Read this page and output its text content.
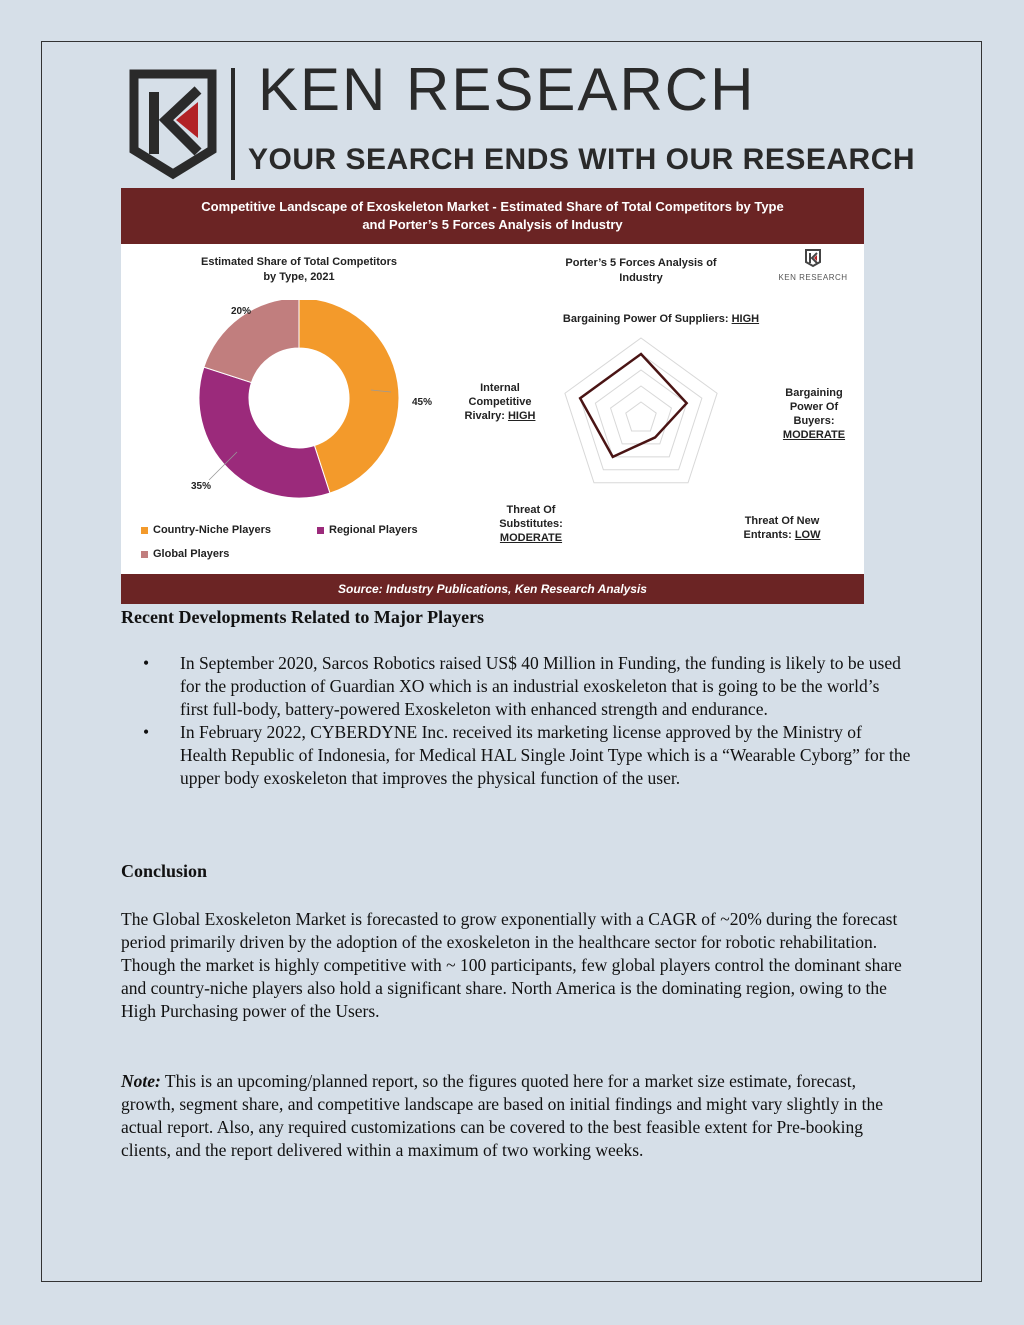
KEN RESEARCH
YOUR SEARCH ENDS WITH OUR RESEARCH
Competitive Landscape of Exoskeleton Market - Estimated Share of Total Competitors by Type
and Porter’s 5 Forces Analysis of Industry
Estimated Share of Total Competitors
by Type, 2021
20%
45%
35%
Country-Niche Players	Regional Players
Global Players
Porter’s 5 Forces Analysis of
Industry	KEN RESEARCH
Bargaining Power Of Suppliers: HIGH
Bargaining
Power Of
Buyers:
MODERATE
Threat Of New
Entrants: LOW
Threat Of
Substitutes:
MODERATE
Internal
Competitive
Rivalry: HIGH
Source: Industry Publications, Ken Research Analysis
Recent Developments Related to Major Players
• In September 2020, Sarcos Robotics raised US$ 40 Million in Funding, the funding is likely to be used for the production of Guardian XO which is an industrial exoskeleton that is going to be the world’s first full-body, battery-powered Exoskeleton with enhanced strength and endurance.
• In February 2022, CYBERDYNE Inc. received its marketing license approved by the Ministry of Health Republic of Indonesia, for Medical HAL Single Joint Type which is a “Wearable Cyborg” for the upper body exoskeleton that improves the physical function of the user.
Conclusion

The Global Exoskeleton Market is forecasted to grow exponentially with a CAGR of ~20% during the forecast period primarily driven by the adoption of the exoskeleton in the healthcare sector for robotic rehabilitation. Though the market is highly competitive with ~ 100 participants, few global players control the dominant share and country-niche players also hold a significant share. North America is the dominating region, owing to the High Purchasing power of the Users.

Note: This is an upcoming/planned report, so the figures quoted here for a market size estimate, forecast, growth, segment share, and competitive landscape are based on initial findings and might vary slightly in the actual report. Also, any required customizations can be covered to the best feasible extent for Pre-booking clients, and the report delivered within a maximum of two working weeks.
